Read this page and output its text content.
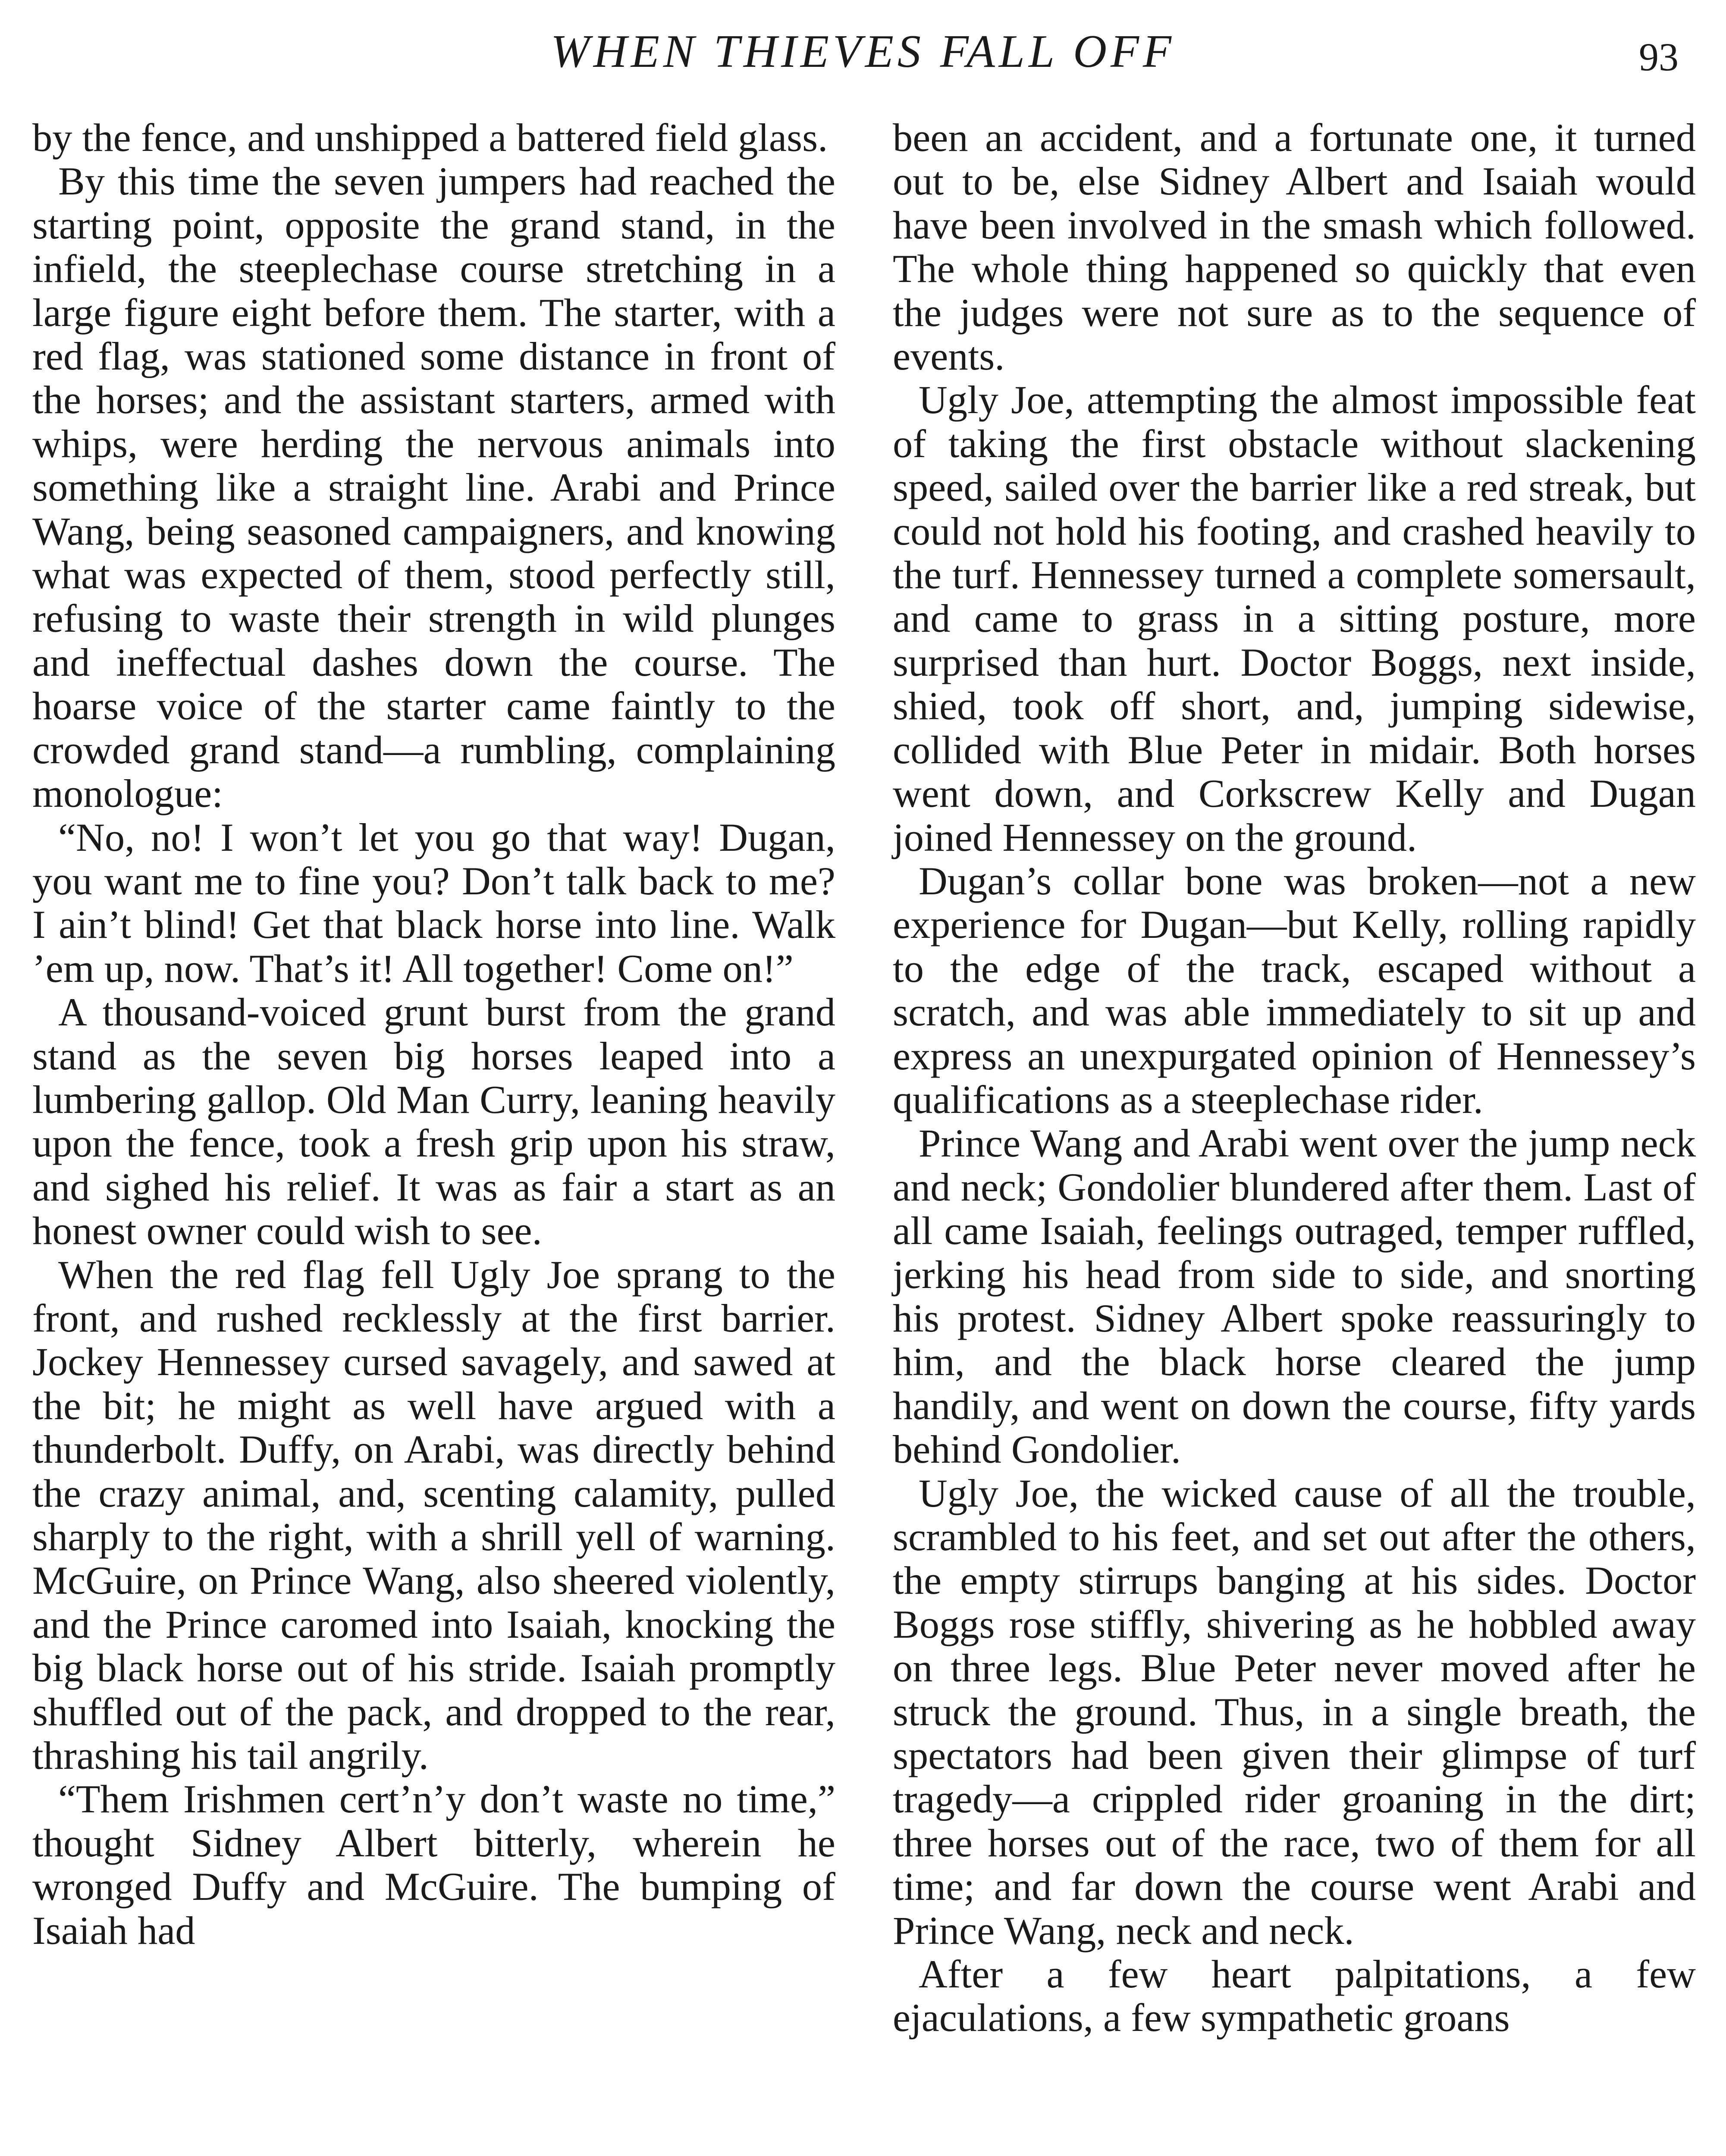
WHEN THIEVES FALL OFF	93

by the fence, and unshipped a battered field glass.

By this time the seven jumpers had reached the starting point, opposite the grand stand, in the infield, the steeplechase course stretching in a large figure eight before them. The starter, with a red flag, was stationed some distance in front of the horses; and the assistant starters, armed with whips, were herding the nervous animals into something like a straight line. Arabi and Prince Wang, being seasoned campaigners, and knowing what was expected of them, stood perfectly still, refusing to waste their strength in wild plunges and ineffectual dashes down the course. The hoarse voice of the starter came faintly to the crowded grand stand—a rumbling, complaining monologue:

“No, no! I won’t let you go that way! Dugan, you want me to fine you? Don’t talk back to me? I ain’t blind! Get that black horse into line. Walk ’em up, now. That’s it! All together! Come on!”

A thousand-voiced grunt burst from the grand stand as the seven big horses leaped into a lumbering gallop. Old Man Curry, leaning heavily upon the fence, took a fresh grip upon his straw, and sighed his relief. It was as fair a start as an honest owner could wish to see.

When the red flag fell Ugly Joe sprang to the front, and rushed recklessly at the first barrier. Jockey Hennessey cursed savagely, and sawed at the bit; he might as well have argued with a thunderbolt. Duffy, on Arabi, was directly behind the crazy animal, and, scenting calamity, pulled sharply to the right, with a shrill yell of warning. McGuire, on Prince Wang, also sheered violently, and the Prince caromed into Isaiah, knocking the big black horse out of his stride. Isaiah promptly shuffled out of the pack, and dropped to the rear, thrashing his tail angrily.

“Them Irishmen cert’n’y don’t waste no time,” thought Sidney Albert bitterly, wherein he wronged Duffy and McGuire. The bumping of Isaiah had

been an accident, and a fortunate one, it turned out to be, else Sidney Albert and Isaiah would have been involved in the smash which followed. The whole thing happened so quickly that even the judges were not sure as to the sequence of events.

Ugly Joe, attempting the almost impossible feat of taking the first obstacle without slackening speed, sailed over the barrier like a red streak, but could not hold his footing, and crashed heavily to the turf. Hennessey turned a complete somersault, and came to grass in a sitting posture, more surprised than hurt. Doctor Boggs, next inside, shied, took off short, and, jumping sidewise, collided with Blue Peter in midair. Both horses went down, and Corkscrew Kelly and Dugan joined Hennessey on the ground.

Dugan’s collar bone was broken—not a new experience for Dugan—but Kelly, rolling rapidly to the edge of the track, escaped without a scratch, and was able immediately to sit up and express an unexpurgated opinion of Hennessey’s qualifications as a steeplechase rider.

Prince Wang and Arabi went over the jump neck and neck; Gondolier blundered after them. Last of all came Isaiah, feelings outraged, temper ruffled, jerking his head from side to side, and snorting his protest. Sidney Albert spoke reassuringly to him, and the black horse cleared the jump handily, and went on down the course, fifty yards behind Gondolier.

Ugly Joe, the wicked cause of all the trouble, scrambled to his feet, and set out after the others, the empty stirrups banging at his sides. Doctor Boggs rose stiffly, shivering as he hobbled away on three legs. Blue Peter never moved after he struck the ground. Thus, in a single breath, the spectators had been given their glimpse of turf tragedy—a crippled rider groaning in the dirt; three horses out of the race, two of them for all time; and far down the course went Arabi and Prince Wang, neck and neck.

After a few heart palpitations, a few ejaculations, a few sympathetic groans
